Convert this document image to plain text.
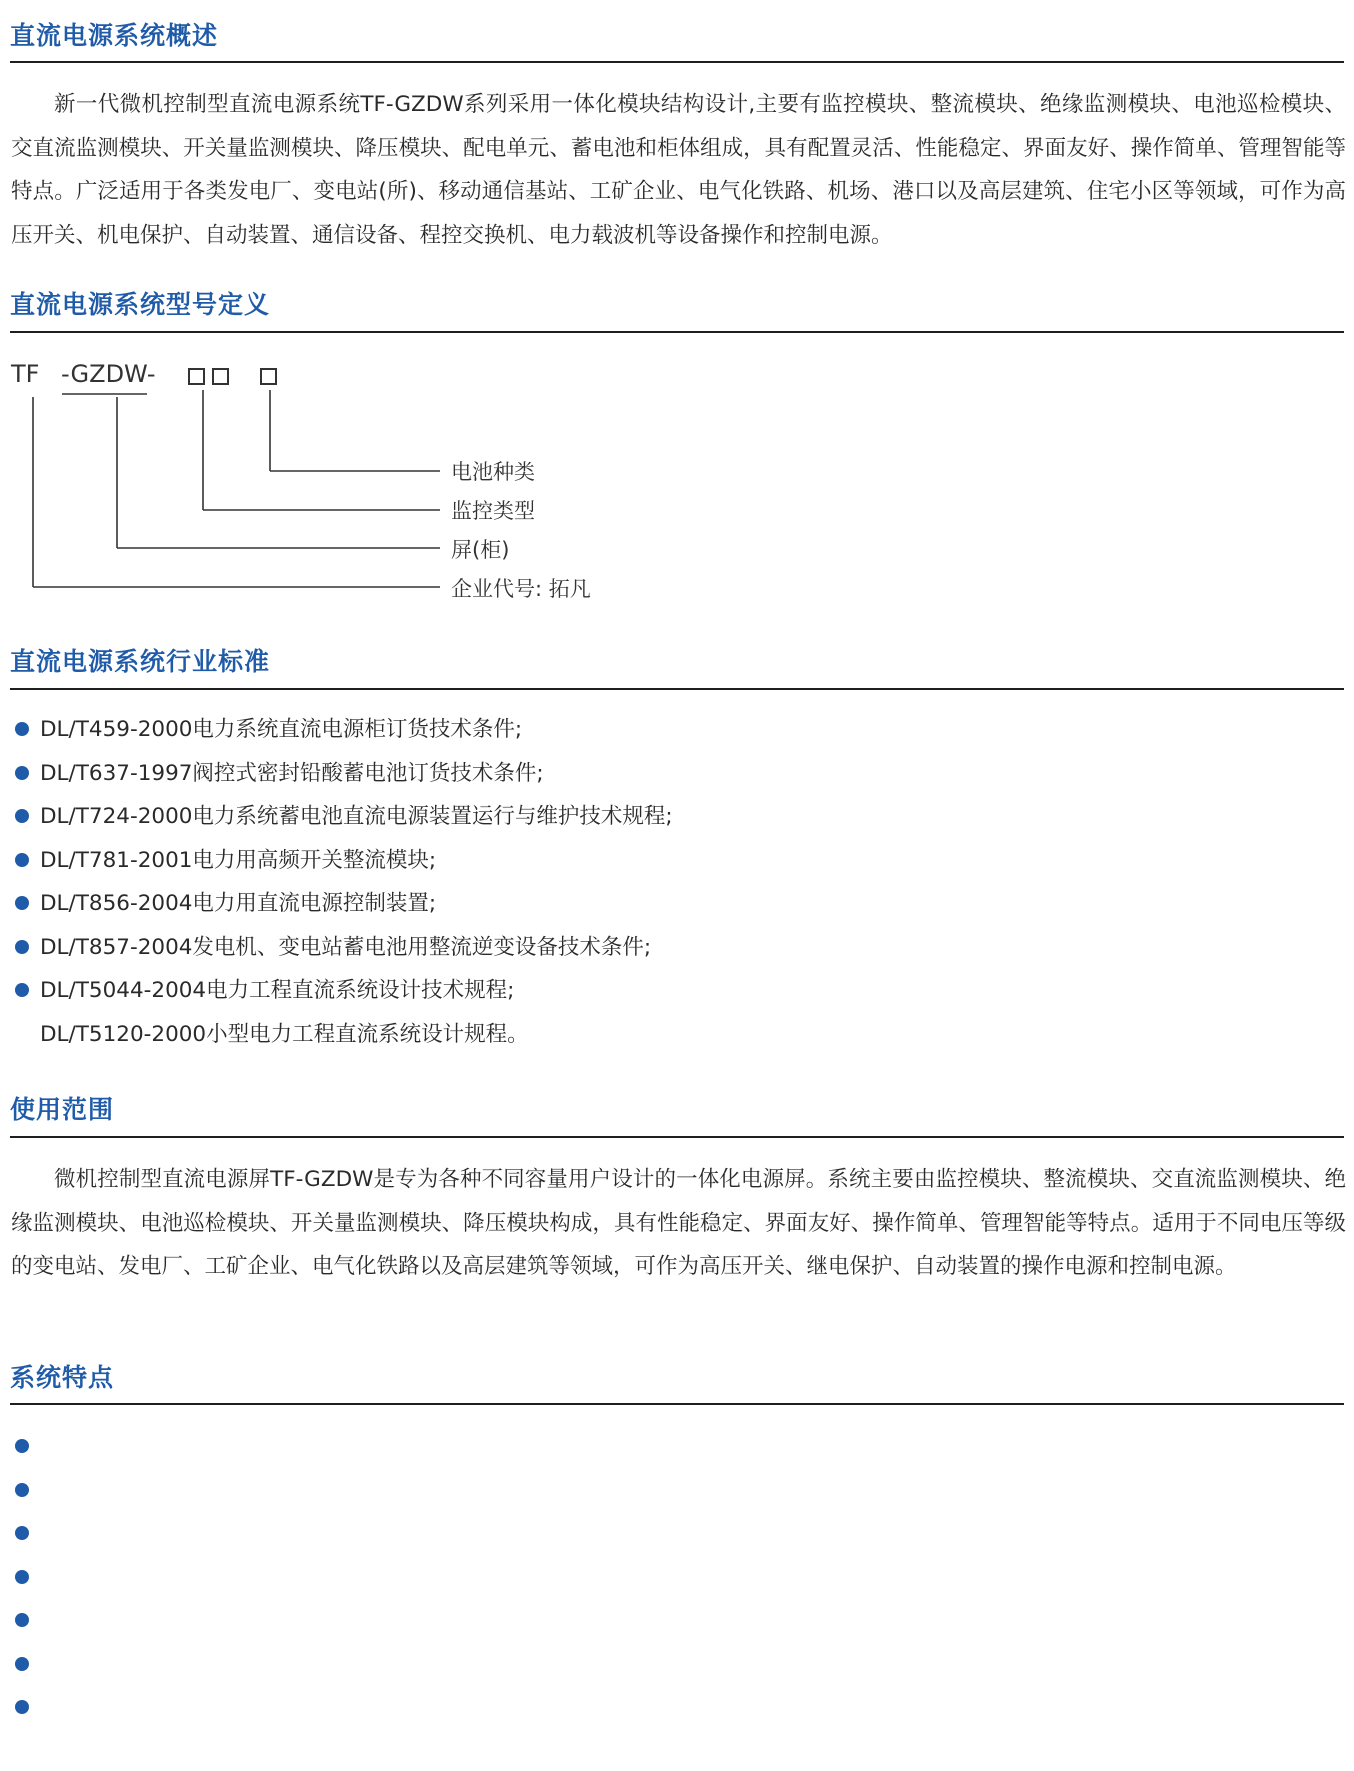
直流电源系统概述

新一代微机控制型直流电源系统TF-GZDW系列采用一体化模块结构设计,主要有监控模块、整流模块、绝缘监测模块、电池巡检模块、交直流监测模块、开关量监测模块、降压模块、配电单元、蓄电池和柜体组成，具有配置灵活、性能稳定、界面友好、操作简单、管理智能等特点。广泛适用于各类发电厂、变电站(所)、移动通信基站、工矿企业、电气化铁路、机场、港口以及高层建筑、住宅小区等领域，可作为高压开关、机电保护、自动装置、通信设备、程控交换机、电力载波机等设备操作和控制电源。

直流电源系统型号定义
TF -GZDW-
电池种类
监控类型
屏(柜)
企业代号: 拓凡
直流电源系统行业标准
DL/T459-2000电力系统直流电源柜订货技术条件;
DL/T637-1997阀控式密封铅酸蓄电池订货技术条件;
DL/T724-2000电力系统蓄电池直流电源装置运行与维护技术规程;
DL/T781-2001电力用高频开关整流模块;
DL/T856-2004电力用直流电源控制装置;
DL/T857-2004发电机、变电站蓄电池用整流逆变设备技术条件;
DL/T5044-2004电力工程直流系统设计技术规程;
DL/T5120-2000小型电力工程直流系统设计规程。
使用范围

微机控制型直流电源屏TF-GZDW是专为各种不同容量用户设计的一体化电源屏。系统主要由监控模块、整流模块、交直流监测模块、绝缘监测模块、电池巡检模块、开关量监测模块、降压模块构成，具有性能稳定、界面友好、操作简单、管理智能等特点。适用于不同电压等级的变电站、发电厂、工矿企业、电气化铁路以及高层建筑等领域，可作为高压开关、继电保护、自动装置的操作电源和控制电源。

系统特点
